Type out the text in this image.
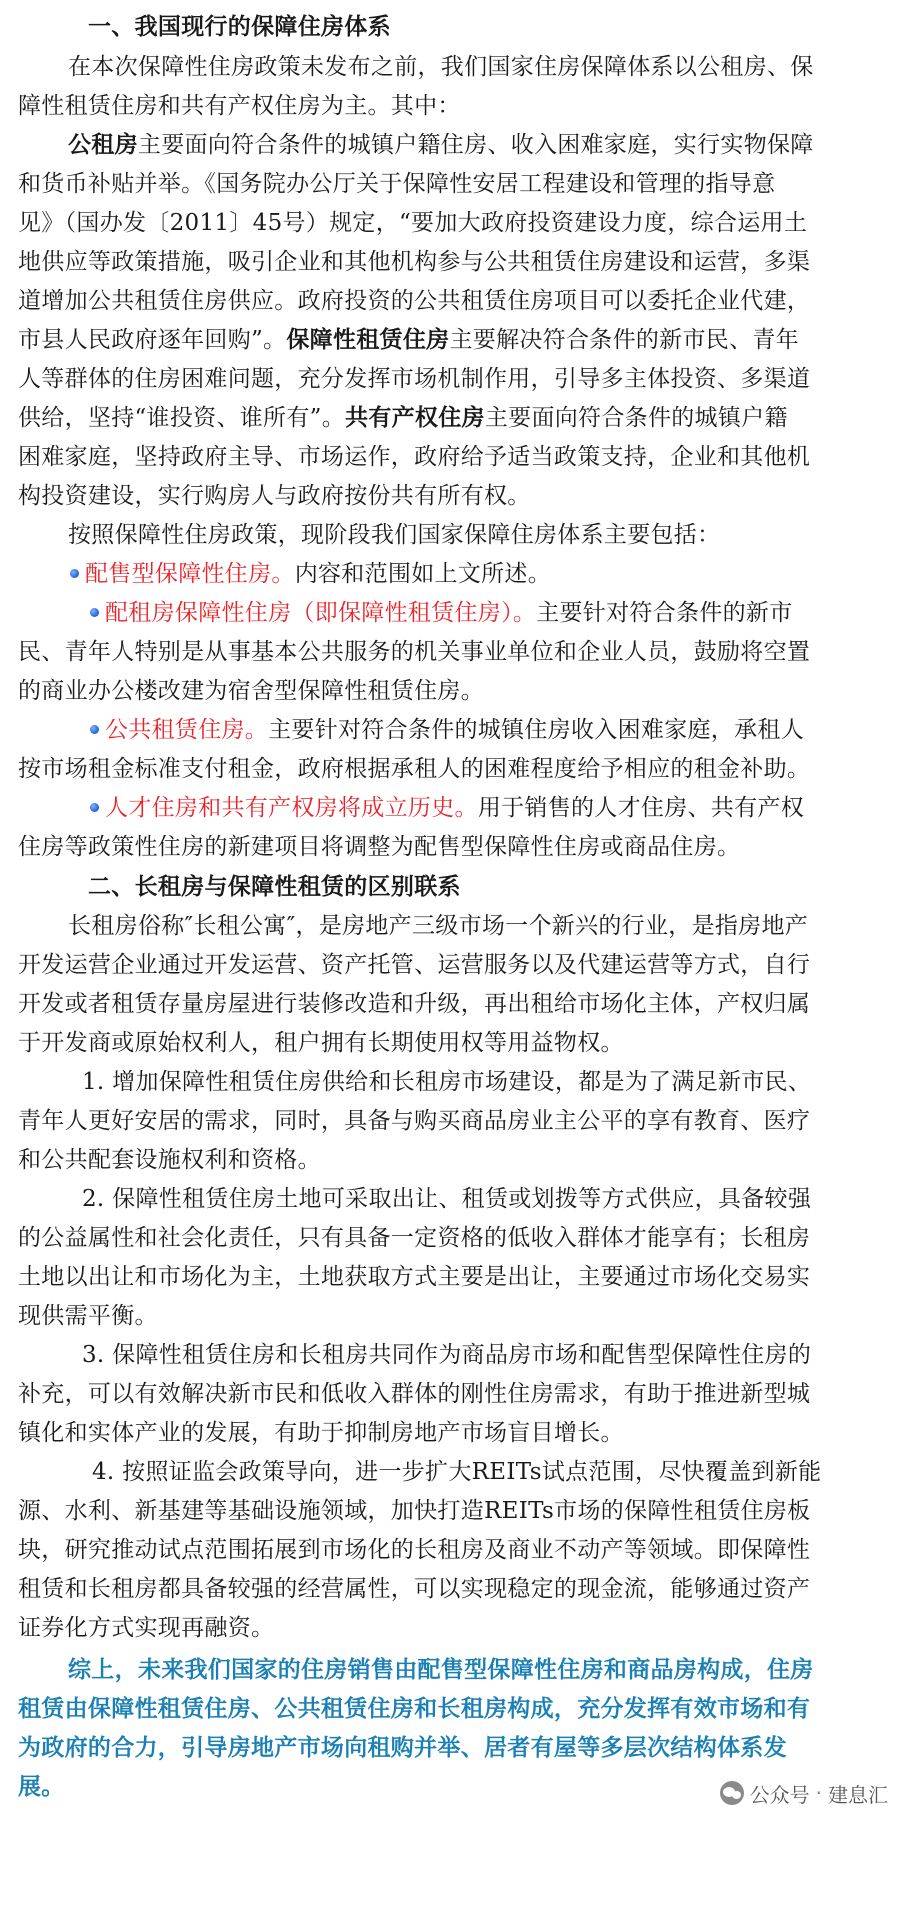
一、我国现行的保障住房体系
在本次保障性住房政策未发布之前，我们国家住房保障体系以公租房、保
障性租赁住房和共有产权住房为主。其中：
公租房主要面向符合条件的城镇户籍住房、收入困难家庭，实行实物保障
和货币补贴并举。《国务院办公厅关于保障性安居工程建设和管理的指导意
见》（国办发〔2011〕45号）规定，“要加大政府投资建设力度，综合运用土
地供应等政策措施，吸引企业和其他机构参与公共租赁住房建设和运营，多渠
道增加公共租赁住房供应。政府投资的公共租赁住房项目可以委托企业代建，
市县人民政府逐年回购”。保障性租赁住房主要解决符合条件的新市民、青年
人等群体的住房困难问题，充分发挥市场机制作用，引导多主体投资、多渠道
供给，坚持“谁投资、谁所有”。共有产权住房主要面向符合条件的城镇户籍
困难家庭，坚持政府主导、市场运作，政府给予适当政策支持，企业和其他机
构投资建设，实行购房人与政府按份共有所有权。
按照保障性住房政策，现阶段我们国家保障住房体系主要包括：
配售型保障性住房。内容和范围如上文所述。
配租房保障性住房（即保障性租赁住房）。主要针对符合条件的新市
民、青年人特别是从事基本公共服务的机关事业单位和企业人员，鼓励将空置
的商业办公楼改建为宿舍型保障性租赁住房。
公共租赁住房。主要针对符合条件的城镇住房收入困难家庭，承租人
按市场租金标准支付租金，政府根据承租人的困难程度给予相应的租金补助。
人才住房和共有产权房将成立历史。用于销售的人才住房、共有产权
住房等政策性住房的新建项目将调整为配售型保障性住房或商品住房。
二、长租房与保障性租赁的区别联系
长租房俗称″长租公寓″，是房地产三级市场一个新兴的行业，是指房地产
开发运营企业通过开发运营、资产托管、运营服务以及代建运营等方式，自行
开发或者租赁存量房屋进行装修改造和升级，再出租给市场化主体，产权归属
于开发商或原始权利人，租户拥有长期使用权等用益物权。
1. 增加保障性租赁住房供给和长租房市场建设，都是为了满足新市民、
青年人更好安居的需求，同时，具备与购买商品房业主公平的享有教育、医疗
和公共配套设施权利和资格。
2. 保障性租赁住房土地可采取出让、租赁或划拨等方式供应，具备较强
的公益属性和社会化责任，只有具备一定资格的低收入群体才能享有；长租房
土地以出让和市场化为主，土地获取方式主要是出让，主要通过市场化交易实
现供需平衡。
3. 保障性租赁住房和长租房共同作为商品房市场和配售型保障性住房的
补充，可以有效解决新市民和低收入群体的刚性住房需求，有助于推进新型城
镇化和实体产业的发展，有助于抑制房地产市场盲目增长。
4. 按照证监会政策导向，进一步扩大REITs试点范围，尽快覆盖到新能
源、水利、新基建等基础设施领域，加快打造REITs市场的保障性租赁住房板
块，研究推动试点范围拓展到市场化的长租房及商业不动产等领域。即保障性
租赁和长租房都具备较强的经营属性，可以实现稳定的现金流，能够通过资产
证券化方式实现再融资。
综上，未来我们国家的住房销售由配售型保障性住房和商品房构成，住房
租赁由保障性租赁住房、公共租赁住房和长租房构成，充分发挥有效市场和有
为政府的合力，引导房地产市场向租购并举、居者有屋等多层次结构体系发
展。	公众号 · 建息汇
